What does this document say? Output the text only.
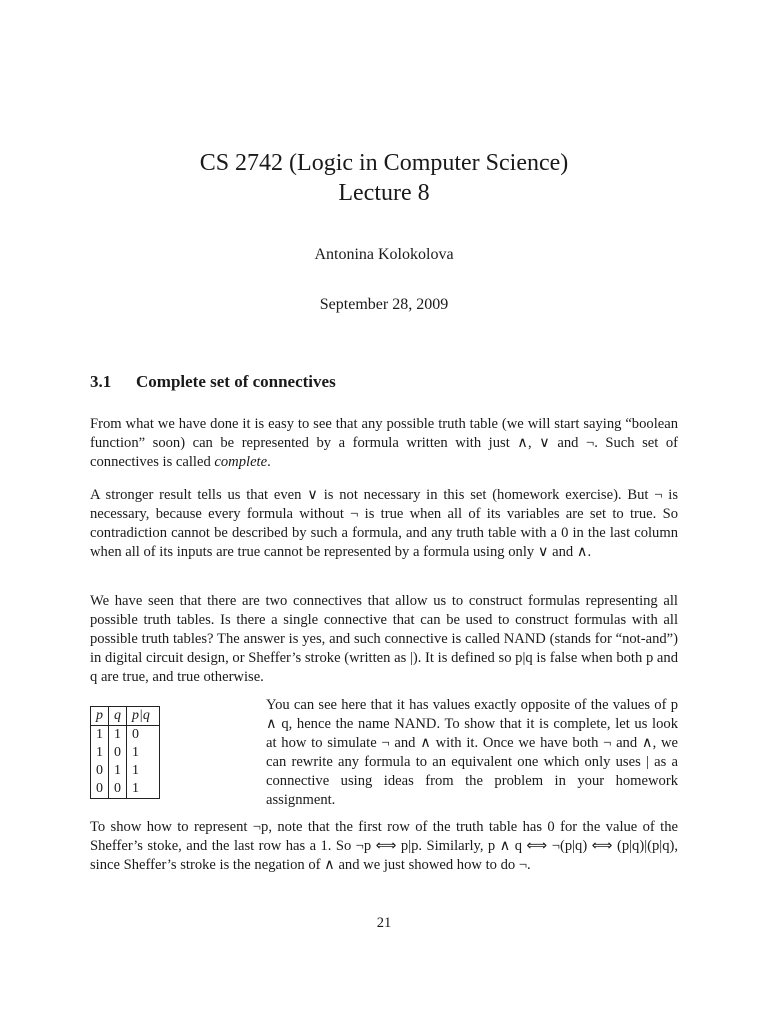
CS 2742 (Logic in Computer Science)
Lecture 8
Antonina Kolokolova
September 28, 2009
3.1 Complete set of connectives
From what we have done it is easy to see that any possible truth table (we will start saying “boolean function” soon) can be represented by a formula written with just ∧, ∨ and ¬. Such set of connectives is called complete.
A stronger result tells us that even ∨ is not necessary in this set (homework exercise). But ¬ is necessary, because every formula without ¬ is true when all of its variables are set to true. So contradiction cannot be described by such a formula, and any truth table with a 0 in the last column when all of its inputs are true cannot be represented by a formula using only ∨ and ∧.
We have seen that there are two connectives that allow us to construct formulas representing all possible truth tables. Is there a single connective that can be used to construct formulas with all possible truth tables? The answer is yes, and such connective is called NAND (stands for “not-and”) in digital circuit design, or Sheffer’s stroke (written as |). It is defined so p|q is false when both p and q are true, and true otherwise.
p	q	p|q
1	1	0
1	0	1
0	1	1
0	0	1
You can see here that it has values exactly opposite of the values of p ∧ q, hence the name NAND. To show that it is complete, let us look at how to simulate ¬ and ∧ with it. Once we have both ¬ and ∧, we can rewrite any formula to an equivalent one which only uses | as a connective using ideas from the problem in your homework assignment.
To show how to represent ¬p, note that the first row of the truth table has 0 for the value of the Sheffer’s stoke, and the last row has a 1. So ¬p ⟺ p|p. Similarly, p ∧ q ⟺ ¬(p|q) ⟺ (p|q)|(p|q), since Sheffer’s stroke is the negation of ∧ and we just showed how to do ¬.
21
